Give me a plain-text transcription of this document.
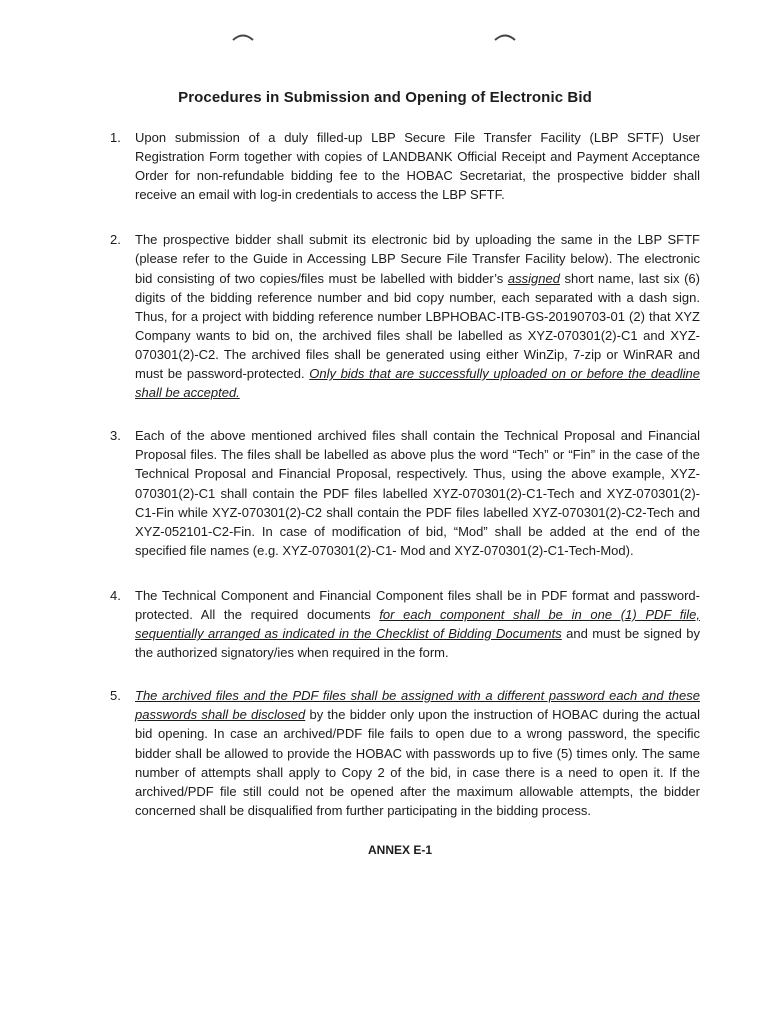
Procedures in Submission and Opening of Electronic Bid
1. Upon submission of a duly filled-up LBP Secure File Transfer Facility (LBP SFTF) User Registration Form together with copies of LANDBANK Official Receipt and Payment Acceptance Order for non-refundable bidding fee to the HOBAC Secretariat, the prospective bidder shall receive an email with log-in credentials to access the LBP SFTF.
2. The prospective bidder shall submit its electronic bid by uploading the same in the LBP SFTF (please refer to the Guide in Accessing LBP Secure File Transfer Facility below). The electronic bid consisting of two copies/files must be labelled with bidder’s assigned short name, last six (6) digits of the bidding reference number and bid copy number, each separated with a dash sign. Thus, for a project with bidding reference number LBPHOBAC-ITB-GS-20190703-01 (2) that XYZ Company wants to bid on, the archived files shall be labelled as XYZ-070301(2)-C1 and XYZ-070301(2)-C2. The archived files shall be generated using either WinZip, 7-zip or WinRAR and must be password-protected. Only bids that are successfully uploaded on or before the deadline shall be accepted.
3. Each of the above mentioned archived files shall contain the Technical Proposal and Financial Proposal files. The files shall be labelled as above plus the word “Tech” or “Fin” in the case of the Technical Proposal and Financial Proposal, respectively. Thus, using the above example, XYZ-070301(2)-C1 shall contain the PDF files labelled XYZ-070301(2)-C1-Tech and XYZ-070301(2)-C1-Fin while XYZ-070301(2)-C2 shall contain the PDF files labelled XYZ-070301(2)-C2-Tech and XYZ-052101-C2-Fin. In case of modification of bid, “Mod” shall be added at the end of the specified file names (e.g. XYZ-070301(2)-C1- Mod and XYZ-070301(2)-C1-Tech-Mod).
4. The Technical Component and Financial Component files shall be in PDF format and password-protected. All the required documents for each component shall be in one (1) PDF file, sequentially arranged as indicated in the Checklist of Bidding Documents and must be signed by the authorized signatory/ies when required in the form.
5. The archived files and the PDF files shall be assigned with a different password each and these passwords shall be disclosed by the bidder only upon the instruction of HOBAC during the actual bid opening. In case an archived/PDF file fails to open due to a wrong password, the specific bidder shall be allowed to provide the HOBAC with passwords up to five (5) times only. The same number of attempts shall apply to Copy 2 of the bid, in case there is a need to open it. If the archived/PDF file still could not be opened after the maximum allowable attempts, the bidder concerned shall be disqualified from further participating in the bidding process.
ANNEX E-1
